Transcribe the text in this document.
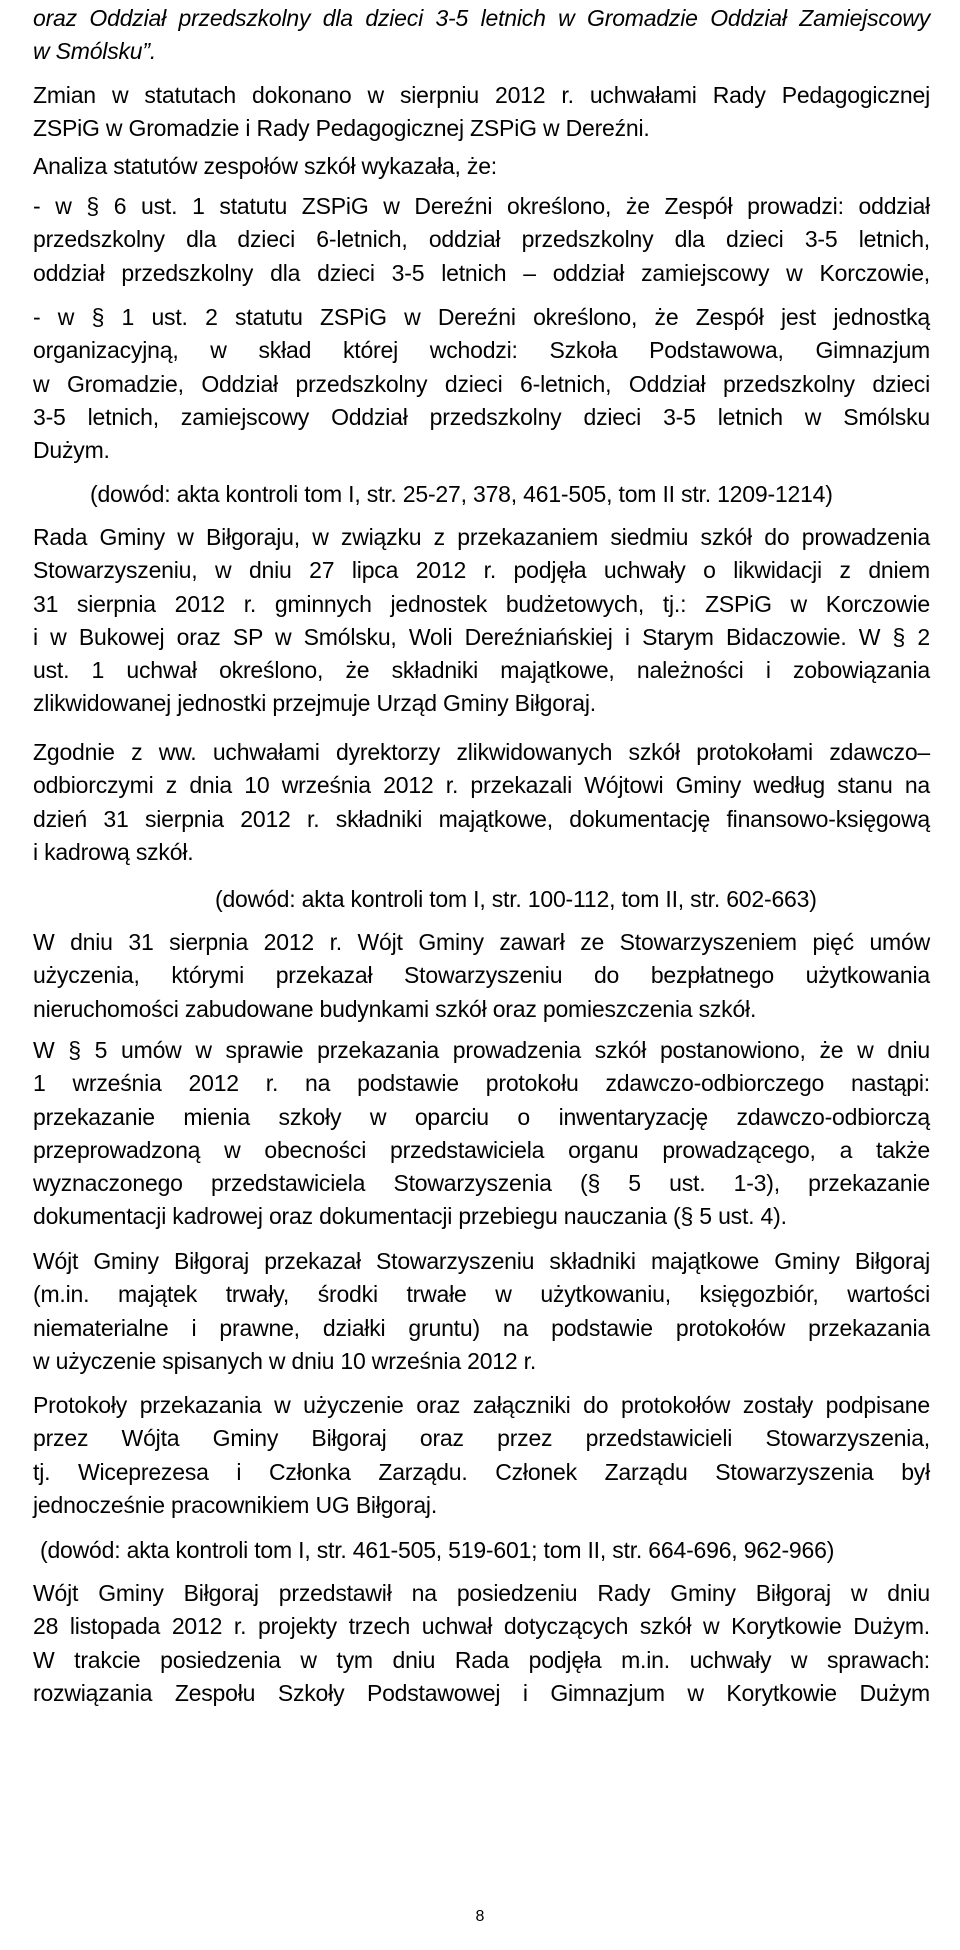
oraz Oddział przedszkolny dla dzieci 3-5 letnich w Gromadzie Oddział Zamiejscowy
w Smólsku”.

Zmian w statutach dokonano w sierpniu 2012 r. uchwałami Rady Pedagogicznej
ZSPiG w Gromadzie i Rady Pedagogicznej ZSPiG w Dereźni.

Analiza statutów zespołów szkół wykazała, że:

- w § 6 ust. 1 statutu ZSPiG w Dereźni określono, że Zespół prowadzi: oddział
przedszkolny dla dzieci 6-letnich, oddział przedszkolny dla dzieci 3-5 letnich,
oddział przedszkolny dla dzieci 3-5 letnich – oddział zamiejscowy w Korczowie,

- w § 1 ust. 2 statutu ZSPiG w Dereźni określono, że Zespół jest jednostką
organizacyjną, w skład której wchodzi: Szkoła Podstawowa, Gimnazjum
w Gromadzie, Oddział przedszkolny dzieci 6-letnich, Oddział przedszkolny dzieci
3-5 letnich, zamiejscowy Oddział przedszkolny dzieci 3-5 letnich w Smólsku
Dużym.

(dowód: akta kontroli tom I, str. 25-27, 378, 461-505, tom II str. 1209-1214)

Rada Gminy w Biłgoraju, w związku z przekazaniem siedmiu szkół do prowadzenia
Stowarzyszeniu, w dniu 27 lipca 2012 r. podjęła uchwały o likwidacji z dniem
31 sierpnia 2012 r. gminnych jednostek budżetowych, tj.: ZSPiG w Korczowie
i w Bukowej oraz SP w Smólsku, Woli Dereźniańskiej i Starym Bidaczowie. W § 2
ust. 1 uchwał określono, że składniki majątkowe, należności i zobowiązania
zlikwidowanej jednostki przejmuje Urząd Gminy Biłgoraj.

Zgodnie z ww. uchwałami dyrektorzy zlikwidowanych szkół protokołami zdawczo–
odbiorczymi z dnia 10 września 2012 r. przekazali Wójtowi Gminy według stanu na
dzień 31 sierpnia 2012 r. składniki majątkowe, dokumentację finansowo-księgową
i kadrową szkół.

(dowód: akta kontroli tom I, str. 100-112, tom II, str. 602-663)

W dniu 31 sierpnia 2012 r. Wójt Gminy zawarł ze Stowarzyszeniem pięć umów
użyczenia, którymi przekazał Stowarzyszeniu do bezpłatnego użytkowania
nieruchomości zabudowane budynkami szkół oraz pomieszczenia szkół.

W § 5 umów w sprawie przekazania prowadzenia szkół postanowiono, że w dniu
1 września 2012 r. na podstawie protokołu zdawczo-odbiorczego nastąpi:
przekazanie mienia szkoły w oparciu o inwentaryzację zdawczo-odbiorczą
przeprowadzoną w obecności przedstawiciela organu prowadzącego, a także
wyznaczonego przedstawiciela Stowarzyszenia (§ 5 ust. 1-3), przekazanie
dokumentacji kadrowej oraz dokumentacji przebiegu nauczania (§ 5 ust. 4).

Wójt Gminy Biłgoraj przekazał Stowarzyszeniu składniki majątkowe Gminy Biłgoraj
(m.in. majątek trwały, środki trwałe w użytkowaniu, księgozbiór, wartości
niematerialne i prawne, działki gruntu) na podstawie protokołów przekazania
w użyczenie spisanych w dniu 10 września 2012 r.

Protokoły przekazania w użyczenie oraz załączniki do protokołów zostały podpisane
przez Wójta Gminy Biłgoraj oraz przez przedstawicieli Stowarzyszenia,
tj. Wiceprezesa i Członka Zarządu. Członek Zarządu Stowarzyszenia był
jednocześnie pracownikiem UG Biłgoraj.

(dowód: akta kontroli tom I, str. 461-505, 519-601; tom II, str. 664-696, 962-966)

Wójt Gminy Biłgoraj przedstawił na posiedzeniu Rady Gminy Biłgoraj w dniu
28 listopada 2012 r. projekty trzech uchwał dotyczących szkół w Korytkowie Dużym.
W trakcie posiedzenia w tym dniu Rada podjęła m.in. uchwały w sprawach:
rozwiązania Zespołu Szkoły Podstawowej i Gimnazjum w Korytkowie Dużym

8
